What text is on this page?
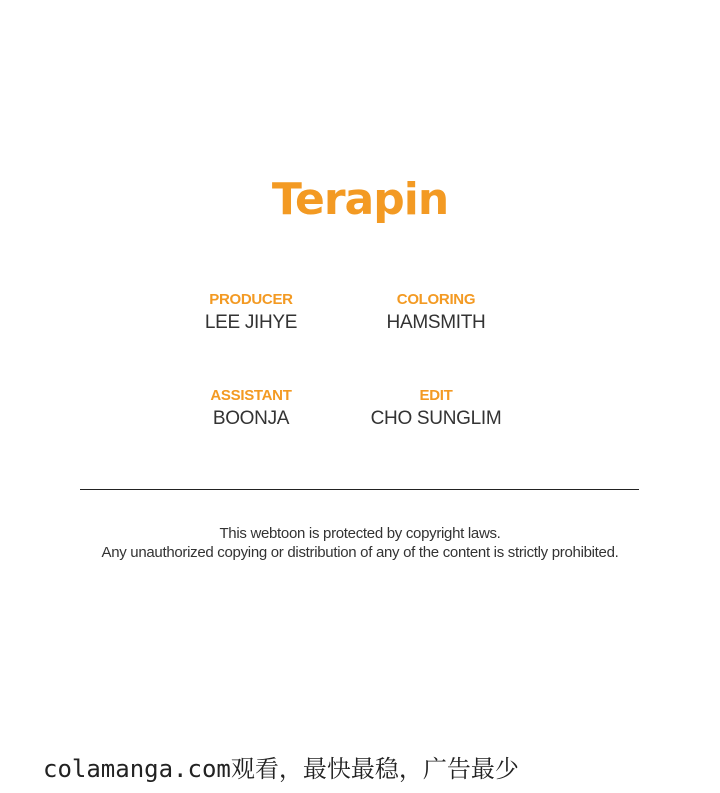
Terapin
PRODUCER
LEE JIHYE
COLORING
HAMSMITH
ASSISTANT
BOONJA
EDIT
CHO SUNGLIM
This webtoon is protected by copyright laws.
Any unauthorized copying or distribution of any of the content is strictly prohibited.
colamanga.com观看，最快最稳，广告最少
